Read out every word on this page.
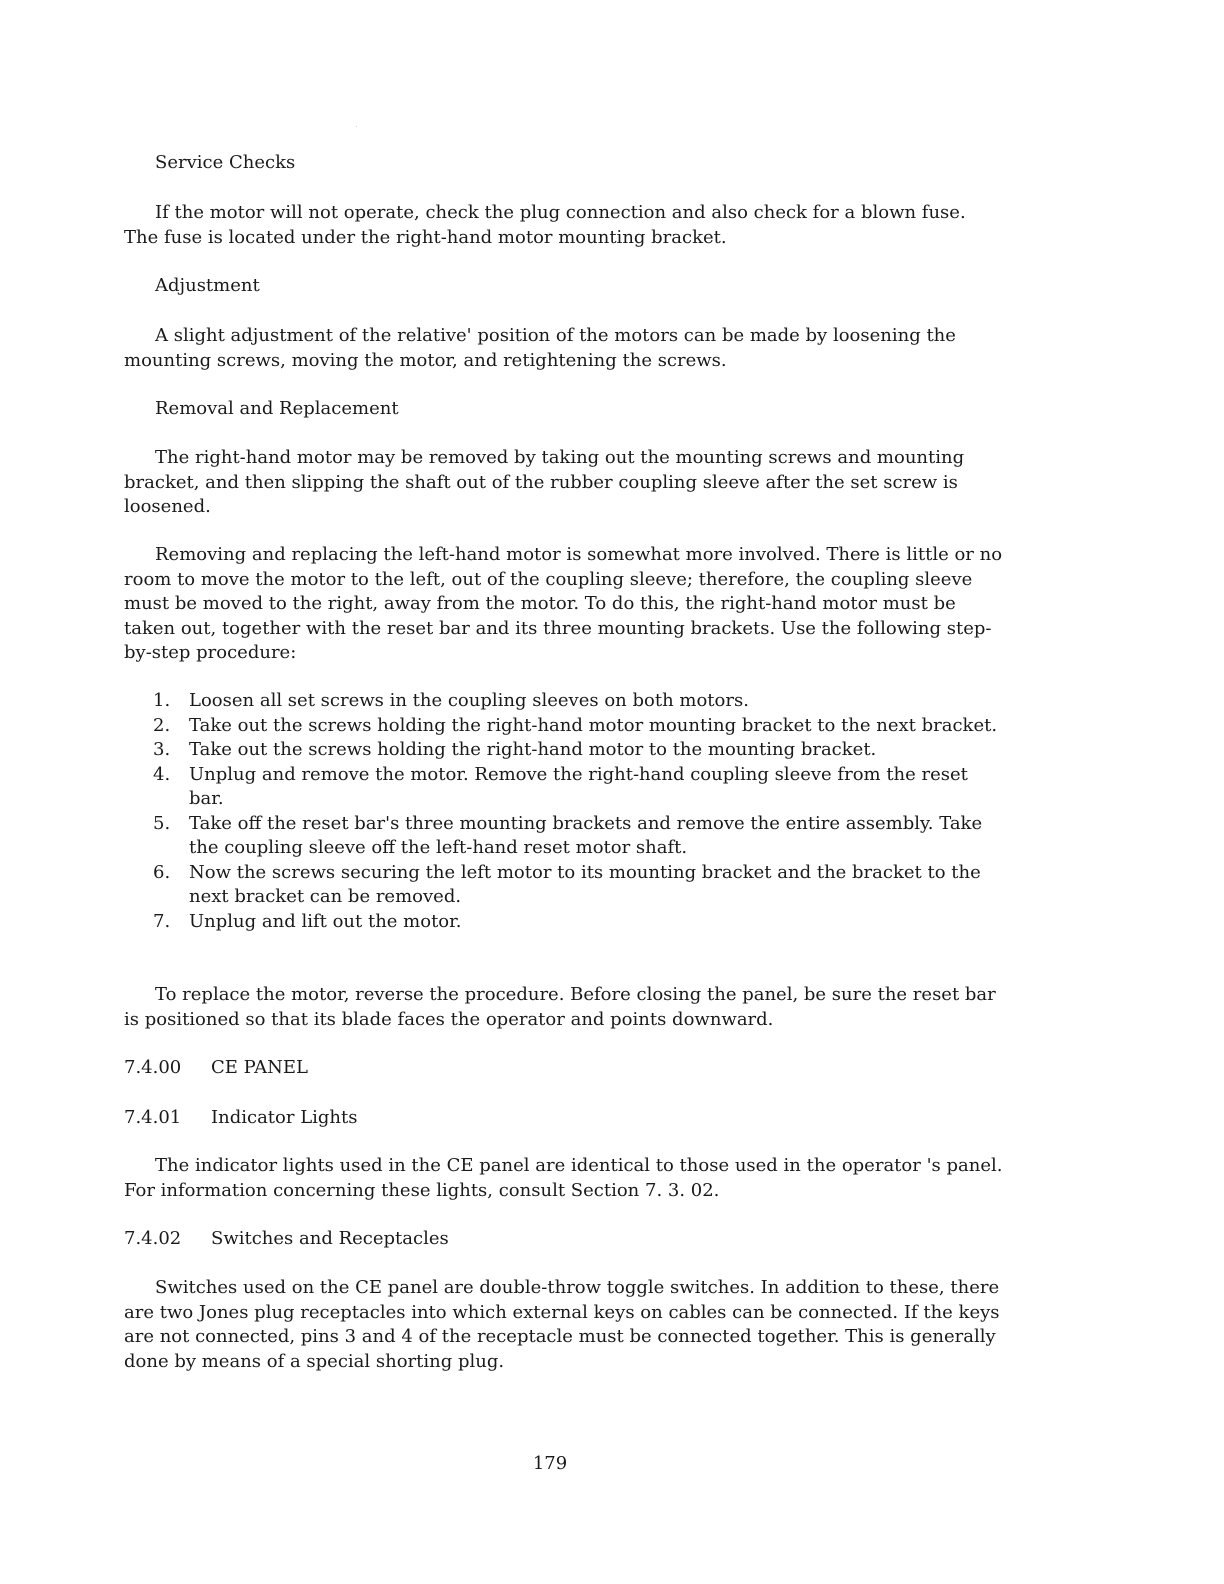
Service Checks

If the motor will not operate, check the plug connection and also check for a blown fuse. The fuse is located under the right-hand motor mounting bracket.

Adjustment

A slight adjustment of the relative' position of the motors can be made by loosening the mounting screws, moving the motor, and retightening the screws.

Removal and Replacement

The right-hand motor may be removed by taking out the mounting screws and mounting bracket, and then slipping the shaft out of the rubber coupling sleeve after the set screw is loosened.

Removing and replacing the left-hand motor is somewhat more involved. There is little or no room to move the motor to the left, out of the coupling sleeve; therefore, the coupling sleeve must be moved to the right, away from the motor. To do this, the right-hand motor must be taken out, together with the reset bar and its three mounting brackets. Use the following step-by-step procedure:

1. Loosen all set screws in the coupling sleeves on both motors.
2. Take out the screws holding the right-hand motor mounting bracket to the next bracket.
3. Take out the screws holding the right-hand motor to the mounting bracket.
4. Unplug and remove the motor. Remove the right-hand coupling sleeve from the reset bar.
5. Take off the reset bar's three mounting brackets and remove the entire assembly. Take the coupling sleeve off the left-hand reset motor shaft.
6. Now the screws securing the left motor to its mounting bracket and the bracket to the next bracket can be removed.
7. Unplug and lift out the motor.

To replace the motor, reverse the procedure. Before closing the panel, be sure the reset bar is positioned so that its blade faces the operator and points downward.

7.4.00 CE PANEL

7.4.01 Indicator Lights

The indicator lights used in the CE panel are identical to those used in the operator 's panel. For information concerning these lights, consult Section 7. 3. 02.

7.4.02 Switches and Receptacles

Switches used on the CE panel are double-throw toggle switches. In addition to these, there are two Jones plug receptacles into which external keys on cables can be connected. If the keys are not connected, pins 3 and 4 of the receptacle must be connected together. This is generally done by means of a special shorting plug.

179
